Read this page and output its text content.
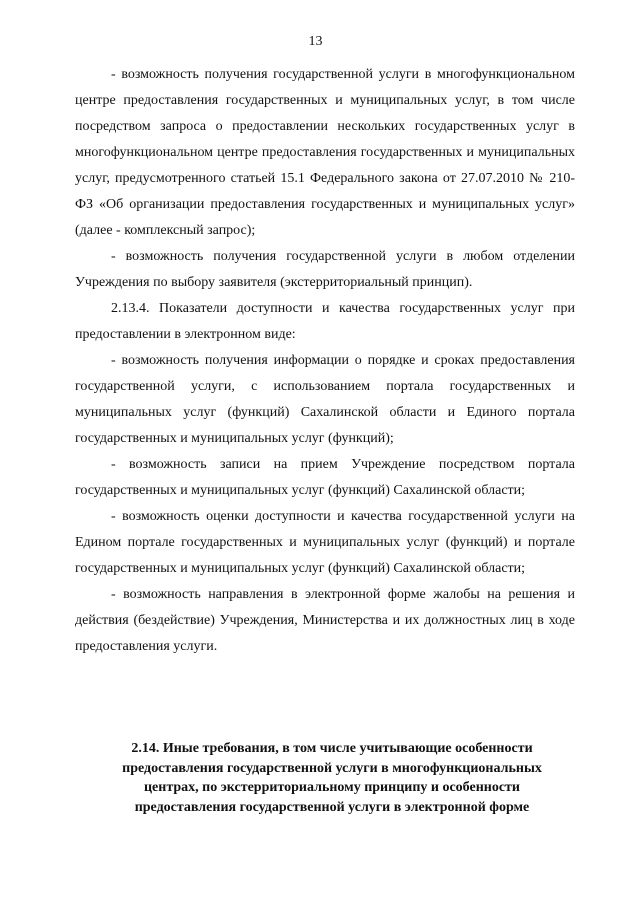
13

- возможность получения государственной услуги в многофункциональном центре предоставления государственных и муниципальных услуг, в том числе посредством запроса о предоставлении нескольких государственных услуг в многофункциональном центре предоставления государственных и муниципальных услуг, предусмотренного статьей 15.1 Федерального закона от 27.07.2010 № 210-ФЗ «Об организации предоставления государственных и муниципальных услуг» (далее - комплексный запрос);

- возможность получения государственной услуги в любом отделении Учреждения по выбору заявителя (экстерриториальный принцип).

2.13.4. Показатели доступности и качества государственных услуг при предоставлении в электронном виде:

- возможность получения информации о порядке и сроках предоставления государственной услуги, с использованием портала государственных и муниципальных услуг (функций) Сахалинской области и Единого портала государственных и муниципальных услуг (функций);

- возможность записи на прием Учреждение посредством портала государственных и муниципальных услуг (функций) Сахалинской области;

- возможность оценки доступности и качества государственной услуги на Едином портале государственных и муниципальных услуг (функций) и портале государственных и муниципальных услуг (функций) Сахалинской области;

- возможность направления в электронной форме жалобы на решения и действия (бездействие) Учреждения, Министерства и их должностных лиц в ходе предоставления услуги.

2.14. Иные требования, в том числе учитывающие особенности предоставления государственной услуги в многофункциональных центрах, по экстерриториальному принципу и особенности предоставления государственной услуги в электронной форме
